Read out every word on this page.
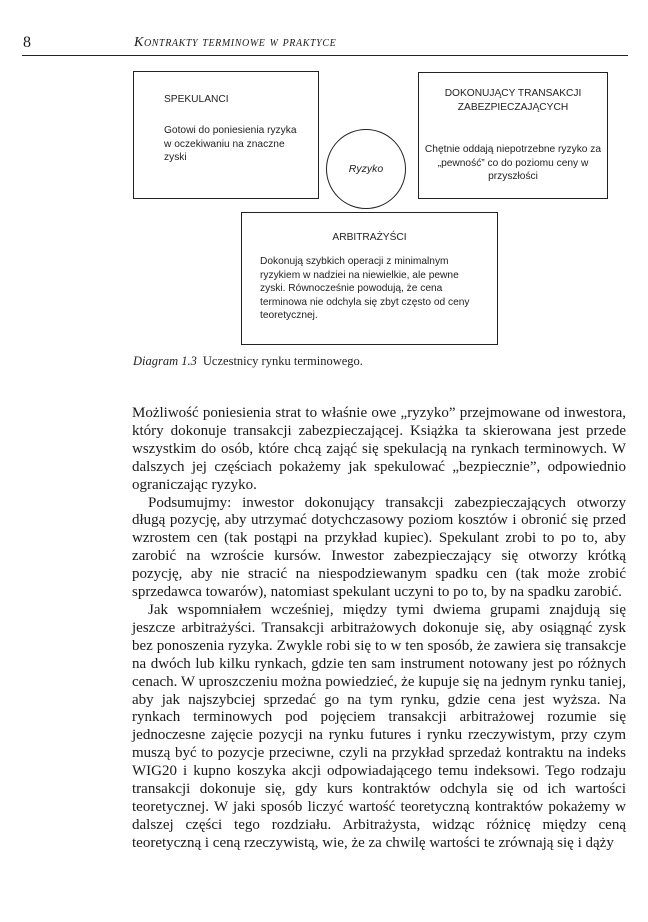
8	Kontrakty terminowe w praktyce
SPEKULANCI
Gotowi do poniesienia ryzyka w oczekiwaniu na znaczne zyski
Ryzyko
DOKONUJĄCY TRANSAKCJI ZABEZPIECZAJĄCYCH
Chętnie oddają niepotrzebne ryzyko za „pewność” co do poziomu ceny w przyszłości
ARBITRAŻYŚCI
Dokonują szybkich operacji z minimalnym ryzykiem w nadziei na niewielkie, ale pewne zyski. Równocześnie powodują, że cena terminowa nie odchyla się zbyt często od ceny teoretycznej.
Diagram 1.3 Uczestnicy rynku terminowego.

Możliwość poniesienia strat to właśnie owe „ryzyko” przejmowane od inwestora, który dokonuje transakcji zabezpieczającej. Książka ta skierowana jest przede wszystkim do osób, które chcą zająć się spekulacją na rynkach terminowych. W dalszych jej częściach pokażemy jak spekulować „bezpiecznie”, odpowiednio ograniczając ryzyko.

Podsumujmy: inwestor dokonujący transakcji zabezpieczających otworzy długą pozycję, aby utrzymać dotychczasowy poziom kosztów i obronić się przed wzrostem cen (tak postąpi na przykład kupiec). Spekulant zrobi to po to, aby zarobić na wzroście kursów. Inwestor zabezpieczający się otworzy krótką pozycję, aby nie stracić na niespodziewanym spadku cen (tak może zrobić sprzedawca towarów), natomiast spekulant uczyni to po to, by na spadku zarobić.

Jak wspomniałem wcześniej, między tymi dwiema grupami znajdują się jeszcze arbitrażyści. Transakcji arbitrażowych dokonuje się, aby osiągnąć zysk bez ponoszenia ryzyka. Zwykle robi się to w ten sposób, że zawiera się transakcje na dwóch lub kilku rynkach, gdzie ten sam instrument notowany jest po różnych cenach. W uproszczeniu można powiedzieć, że kupuje się na jednym rynku taniej, aby jak najszybciej sprzedać go na tym rynku, gdzie cena jest wyższa. Na rynkach terminowych pod pojęciem transakcji arbitrażowej rozumie się jednoczesne zajęcie pozycji na rynku futures i rynku rzeczywistym, przy czym muszą być to pozycje przeciwne, czyli na przykład sprzedaż kontraktu na indeks WIG20 i kupno koszyka akcji odpowiadającego temu indeksowi. Tego rodzaju transakcji dokonuje się, gdy kurs kontraktów odchyla się od ich wartości teoretycznej. W jaki sposób liczyć wartość teoretyczną kontraktów pokażemy w dalszej części tego rozdziału. Arbitrażysta, widząc różnicę między ceną teoretyczną i ceną rzeczywistą, wie, że za chwilę wartości te zrównają się i dąży
